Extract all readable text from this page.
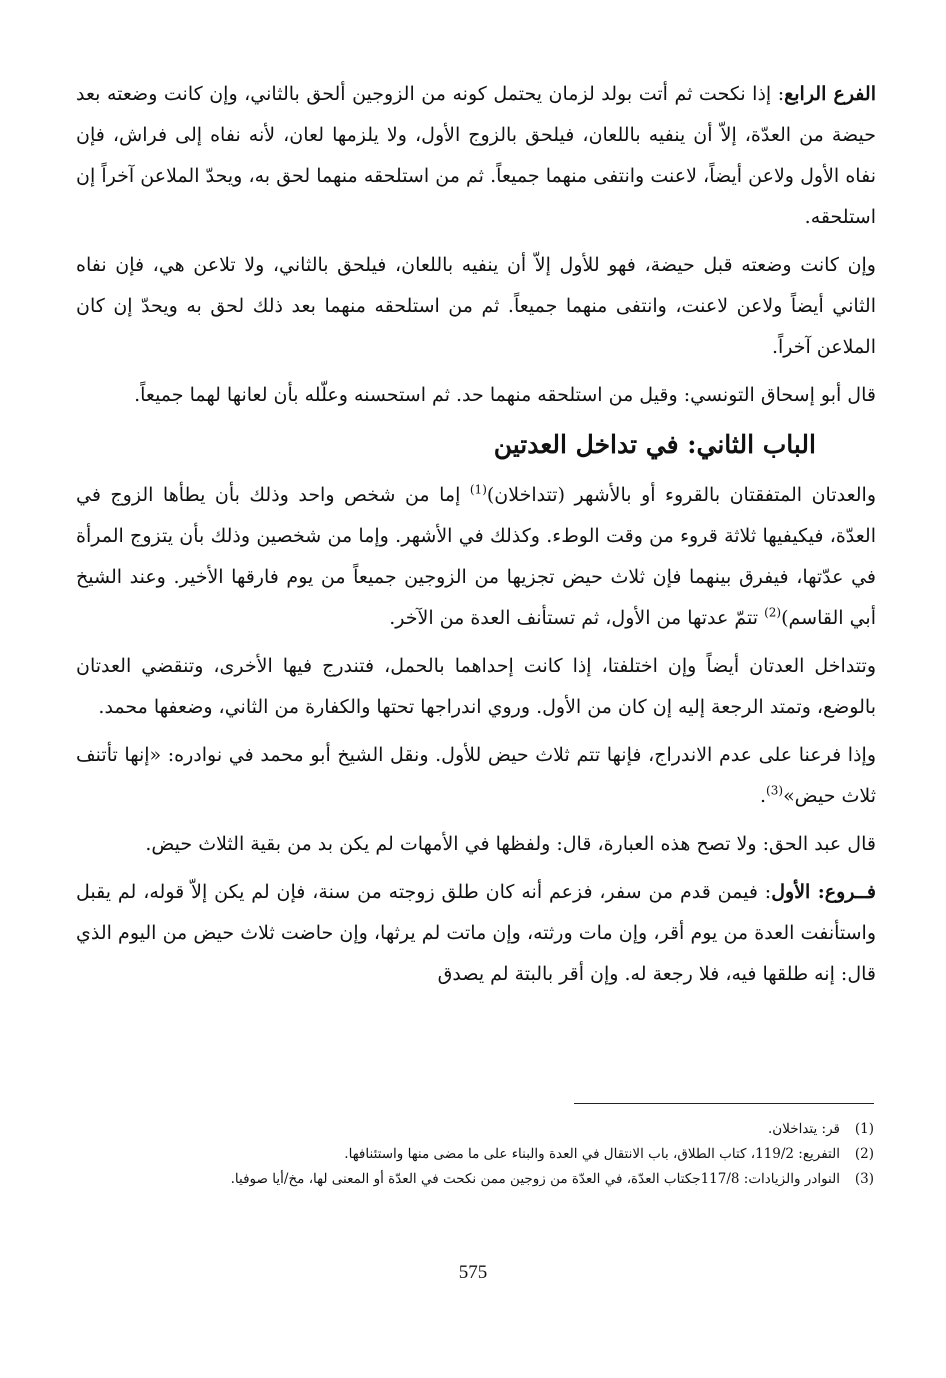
الفرع الرابع: إذا نكحت ثم أتت بولد لزمان يحتمل كونه من الزوجين ألحق بالثاني، وإن كانت وضعته بعد حيضة من العدّة، إلاّ أن ينفيه باللعان، فيلحق بالزوج الأول، ولا يلزمها لعان، لأنه نفاه إلى فراش، فإن نفاه الأول ولاعن أيضاً، لاعنت وانتفى منهما جميعاً. ثم من استلحقه منهما لحق به، ويحدّ الملاعن آخراً إن استلحقه.

وإن كانت وضعته قبل حيضة، فهو للأول إلاّ أن ينفيه باللعان، فيلحق بالثاني، ولا تلاعن هي، فإن نفاه الثاني أيضاً ولاعن لاعنت، وانتفى منهما جميعاً. ثم من استلحقه منهما بعد ذلك لحق به ويحدّ إن كان الملاعن آخراً.

قال أبو إسحاق التونسي: وقيل من استلحقه منهما حد. ثم استحسنه وعلّله بأن لعانها لهما جميعاً.

الباب الثاني: في تداخل العدتين

والعدتان المتفقتان بالقروء أو بالأشهر (تتداخلان)$^{(1)}$ إما من شخص واحد وذلك بأن يطأها الزوج في العدّة، فيكيفيها ثلاثة قروء من وقت الوطء. وكذلك في الأشهر. وإما من شخصين وذلك بأن يتزوج المرأة في عدّتها، فيفرق بينهما فإن ثلاث حيض تجزيها من الزوجين جميعاً من يوم فارقها الأخير. وعند الشيخ أبي القاسم)$^{(2)}$ تتمّ عدتها من الأول، ثم تستأنف العدة من الآخر.

وتتداخل العدتان أيضاً وإن اختلفتا، إذا كانت إحداهما بالحمل، فتندرج فيها الأخرى، وتنقضي العدتان بالوضع، وتمتد الرجعة إليه إن كان من الأول. وروي اندراجها تحتها والكفارة من الثاني، وضعفها محمد.

وإذا فرعنا على عدم الاندراج، فإنها تتم ثلاث حيض للأول. ونقل الشيخ أبو محمد في نوادره: «إنها تأتنف ثلاث حيض»$^{(3)}$.

قال عبد الحق: ولا تصح هذه العبارة، قال: ولفظها في الأمهات لم يكن بد من بقية الثلاث حيض.

فــروع: الأول: فيمن قدم من سفر، فزعم أنه كان طلق زوجته من سنة، فإن لم يكن إلاّ قوله، لم يقبل واستأنفت العدة من يوم أقر، وإن مات ورثته، وإن ماتت لم يرثها، وإن حاضت ثلاث حيض من اليوم الذي قال: إنه طلقها فيه، فلا رجعة له. وإن أقر بالبتة لم يصدق

(1)
قر: يتداخلان.
(2)
التفريع: 119/2، كتاب الطلاق، باب الانتقال في العدة والبناء على ما مضى منها واستئنافها.
(3)
النوادر والزيادات: 117/8جكتاب العدّة، في العدّة من زوجين ممن نكحت في العدّة أو المعنى لها، مخ/أيا صوفيا.
575
